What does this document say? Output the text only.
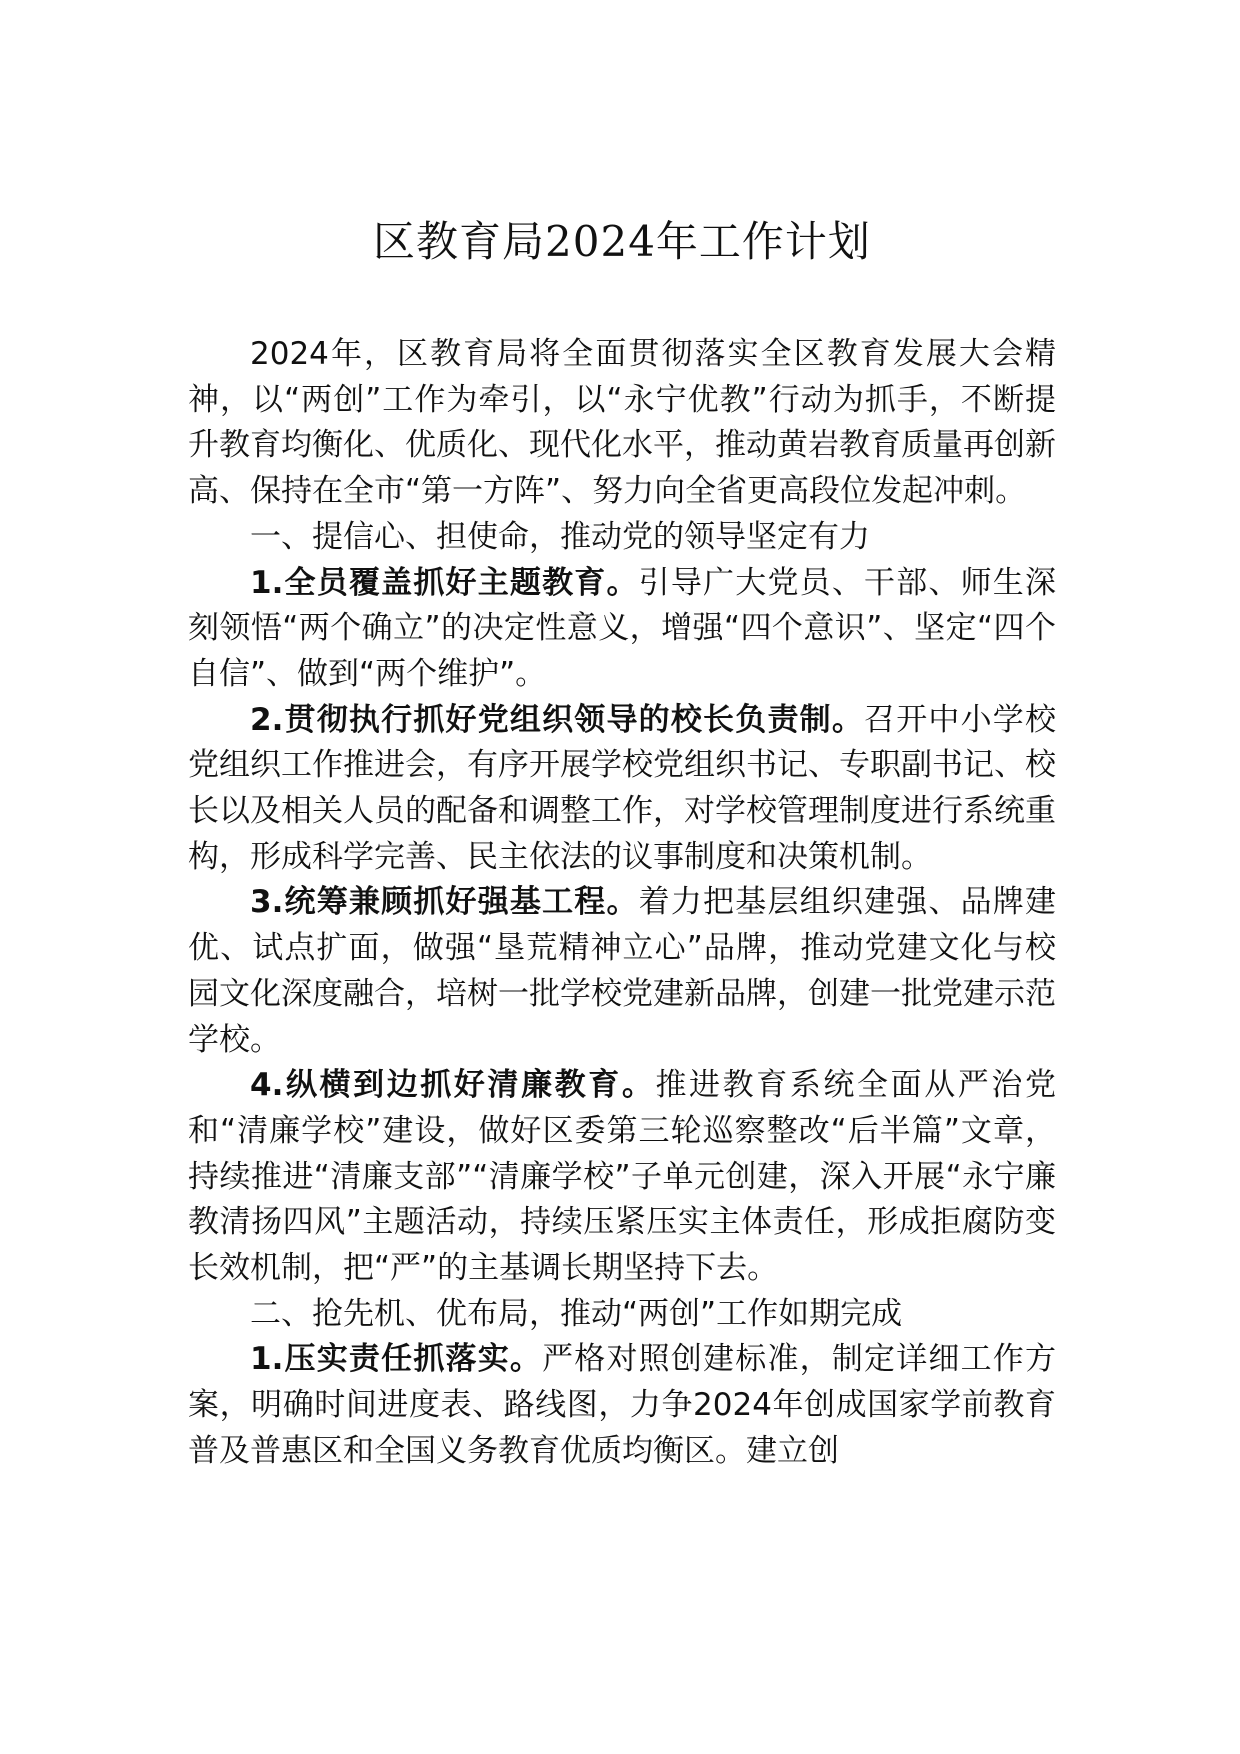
区教育局2024年工作计划

2024年，区教育局将全面贯彻落实全区教育发展大会精神，以“两创”工作为牵引，以“永宁优教”行动为抓手，不断提升教育均衡化、优质化、现代化水平，推动黄岩教育质量再创新高、保持在全市“第一方阵”、努力向全省更高段位发起冲刺。

一、提信心、担使命，推动党的领导坚定有力

1.全员覆盖抓好主题教育。引导广大党员、干部、师生深刻领悟“两个确立”的决定性意义，增强“四个意识”、坚定“四个自信”、做到“两个维护”。

2.贯彻执行抓好党组织领导的校长负责制。召开中小学校党组织工作推进会，有序开展学校党组织书记、专职副书记、校长以及相关人员的配备和调整工作，对学校管理制度进行系统重构，形成科学完善、民主依法的议事制度和决策机制。

3.统筹兼顾抓好强基工程。着力把基层组织建强、品牌建优、试点扩面，做强“垦荒精神立心”品牌，推动党建文化与校园文化深度融合，培树一批学校党建新品牌，创建一批党建示范学校。

4.纵横到边抓好清廉教育。推进教育系统全面从严治党和“清廉学校”建设，做好区委第三轮巡察整改“后半篇”文章，持续推进“清廉支部”“清廉学校”子单元创建，深入开展“永宁廉教清扬四风”主题活动，持续压紧压实主体责任，形成拒腐防变长效机制，把“严”的主基调长期坚持下去。

二、抢先机、优布局，推动“两创”工作如期完成

1.压实责任抓落实。严格对照创建标准，制定详细工作方案，明确时间进度表、路线图，力争2024年创成国家学前教育普及普惠区和全国义务教育优质均衡区。建立创
